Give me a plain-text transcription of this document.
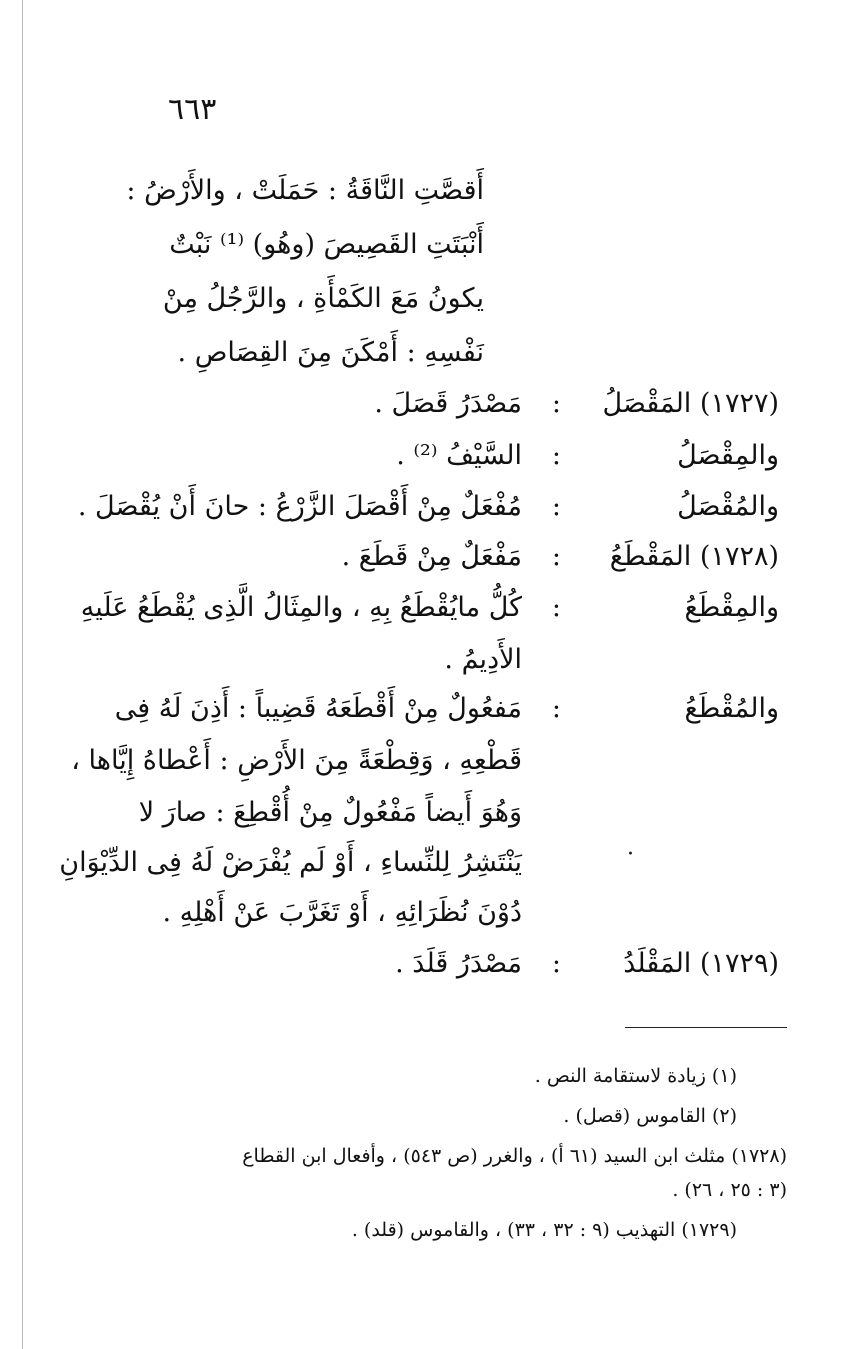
٦٦٣
أَقصَّتِ النَّاقَةُ : حَمَلَتْ ، والأَرْضُ :
أَنْبَتَتِ القَصِيصَ (وهُو) ⁽¹⁾ نَبْتٌ
يكونُ مَعَ الكَمْأَةِ ، والرَّجُلُ مِنْ
نَفْسِهِ : أَمْكَنَ مِنَ القِصَاصِ .
(١٧٢٧) المَقْصَلُ
:
مَصْدَرُ قَصَلَ .
والمِقْصَلُ
:
السَّيْفُ ⁽²⁾ .
والمُقْصَلُ
:
مُفْعَلٌ مِنْ أَقْصَلَ الزَّرْعُ : حانَ أَنْ يُقْصَلَ .
(١٧٢٨) المَقْطَعُ
:
مَفْعَلٌ مِنْ قَطَعَ .
والمِقْطَعُ
:
كُلُّ مايُقْطَعُ بِهِ ، والمِثَالُ الَّذِى يُقْطَعُ عَلَيهِ
الأَدِيمُ .
والمُقْطَعُ
:
مَفعُولٌ مِنْ أَقْطَعَهُ قَضِيباً : أَذِنَ لَهُ فِى
قَطْعِهِ ، وَقِطْعَةً مِنَ الأَرْضِ : أَعْطاهُ إِيَّاها ،
وَهُوَ أَيضاً مَفْعُولٌ مِنْ أُقْطِعَ : صارَ لا
يَنْتَشِرُ لِلنِّساءِ ، أَوْ لَم يُفْرَضْ لَهُ فِى الدِّيْوَانِ
دُوْنَ نُظَرَائِهِ ، أَوْ تَغَرَّبَ عَنْ أَهْلِهِ .
·
(١٧٢٩) المَقْلَدُ
:
مَصْدَرُ قَلَدَ .
(١) زيادة لاستقامة النص .
(٢) القاموس (قصل) .
(١٧٢٨) مثلث ابن السيد (٦١ أ) ، والغرر (ص ٥٤٣) ، وأفعال ابن القطاع
(٣ : ٢٥ ، ٢٦) .
(١٧٢٩) التهذيب (٩ : ٣٢ ، ٣٣) ، والقاموس (قلد) .
